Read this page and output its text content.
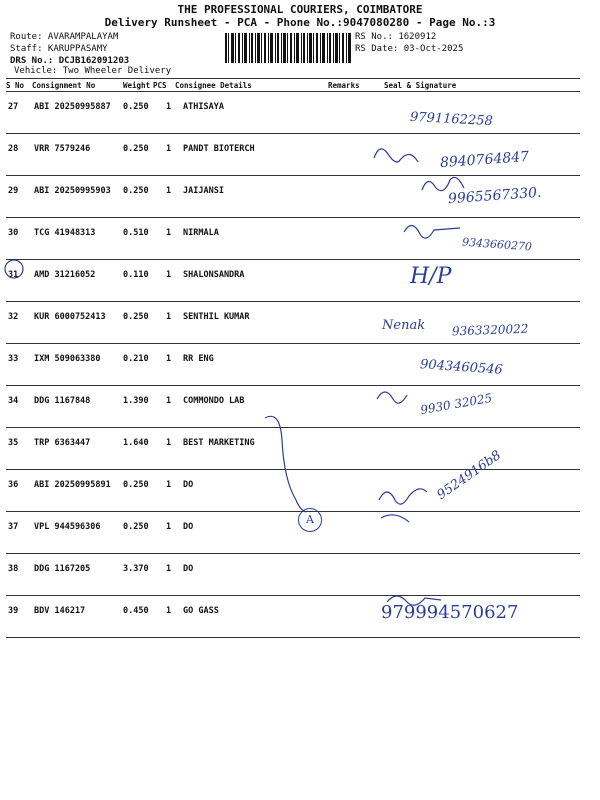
THE PROFESSIONAL COURIERS, COIMBATORE
Delivery Runsheet - PCA - Phone No.:9047080280 - Page No.:3
Route: AVARAMPALAYAM
Staff: KARUPPASAMY
DRS No.: DCJB162091203
RS No.: 1620912
RS Date: 03-Oct-2025
Vehicle: Two Wheeler Delivery
S No Consignment No	Weight PCS Consignee Details	Remarks	Seal & Signature
27	ABI 20250995887	0.250	1	ATHISAYA
28	VRR 7579246	0.250	1	PANDT BIOTERCH
29	ABI 20250995903	0.250	1	JAIJANSI
30	TCG 41948313	0.510	1	NIRMALA
31	AMD 31216052	0.110	1	SHALONSANDRA
32	KUR 6000752413	0.250	1	SENTHIL KUMAR
33	IXM 509063380	0.210	1	RR ENG
34	DDG 1167848	1.390	1	COMMONDO LAB
35	TRP 6363447	1.640	1	BEST MARKETING
36	ABI 20250995891	0.250	1	DO
37	VPL 944596306	0.250	1	DO
38	DDG 1167205	3.370	1	DO
39	BDV 146217	0.450	1	GO GASS
9791162258
8940764847
9965567330.
9343660270
H/P
Nenak 9363320022
9043460546
9930 32025
9524916b8
979994570627
A
